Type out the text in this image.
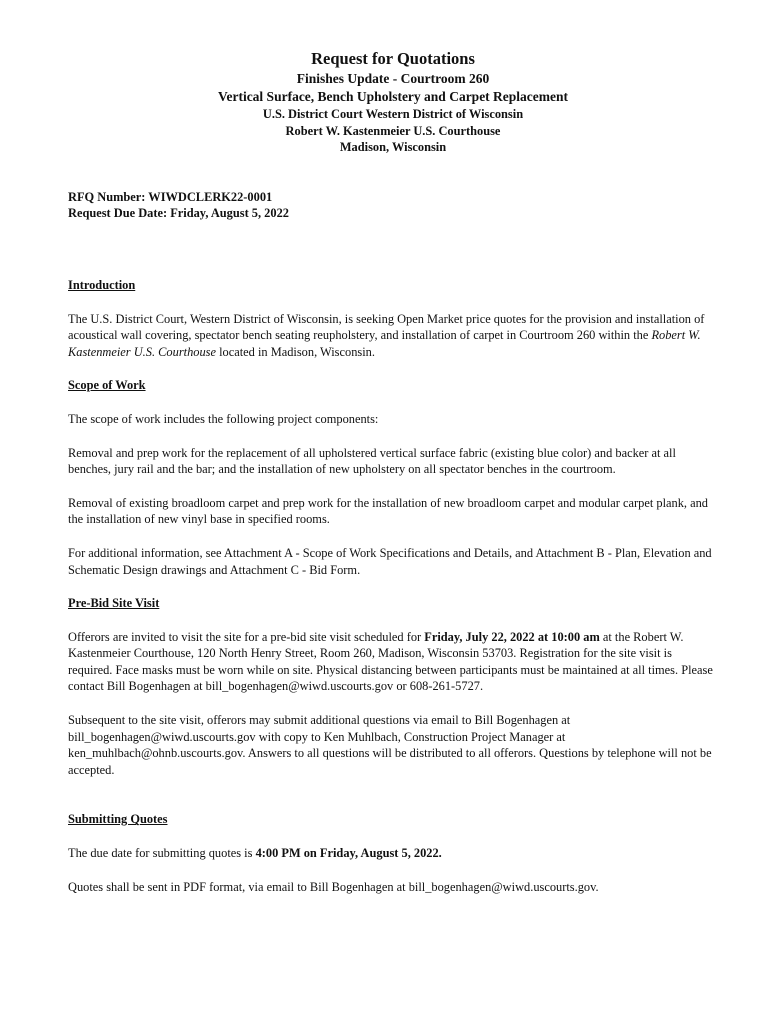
Request for Quotations
Finishes Update - Courtroom 260
Vertical Surface, Bench Upholstery and Carpet Replacement
U.S. District Court Western District of Wisconsin
Robert W. Kastenmeier U.S. Courthouse
Madison, Wisconsin
RFQ Number: WIWDCLERK22-0001
Request Due Date: Friday, August 5, 2022
Introduction

The U.S. District Court, Western District of Wisconsin, is seeking Open Market price quotes for the provision and installation of acoustical wall covering, spectator bench seating reupholstery, and installation of carpet in Courtroom 260 within the Robert W. Kastenmeier U.S. Courthouse located in Madison, Wisconsin.

Scope of Work

The scope of work includes the following project components:

Removal and prep work for the replacement of all upholstered vertical surface fabric (existing blue color) and backer at all benches, jury rail and the bar; and the installation of new upholstery on all spectator benches in the courtroom.

Removal of existing broadloom carpet and prep work for the installation of new broadloom carpet and modular carpet plank, and the installation of new vinyl base in specified rooms.

For additional information, see Attachment A - Scope of Work Specifications and Details, and Attachment B - Plan, Elevation and Schematic Design drawings and Attachment C - Bid Form.

Pre-Bid Site Visit

Offerors are invited to visit the site for a pre-bid site visit scheduled for Friday, July 22, 2022 at 10:00 am at the Robert W. Kastenmeier Courthouse, 120 North Henry Street, Room 260, Madison, Wisconsin 53703. Registration for the site visit is required. Face masks must be worn while on site. Physical distancing between participants must be maintained at all times. Please contact Bill Bogenhagen at bill_bogenhagen@wiwd.uscourts.gov or 608-261-5727.

Subsequent to the site visit, offerors may submit additional questions via email to Bill Bogenhagen at bill_bogenhagen@wiwd.uscourts.gov with copy to Ken Muhlbach, Construction Project Manager at ken_muhlbach@ohnb.uscourts.gov. Answers to all questions will be distributed to all offerors. Questions by telephone will not be accepted.

Submitting Quotes

The due date for submitting quotes is 4:00 PM on Friday, August 5, 2022.

Quotes shall be sent in PDF format, via email to Bill Bogenhagen at bill_bogenhagen@wiwd.uscourts.gov.
